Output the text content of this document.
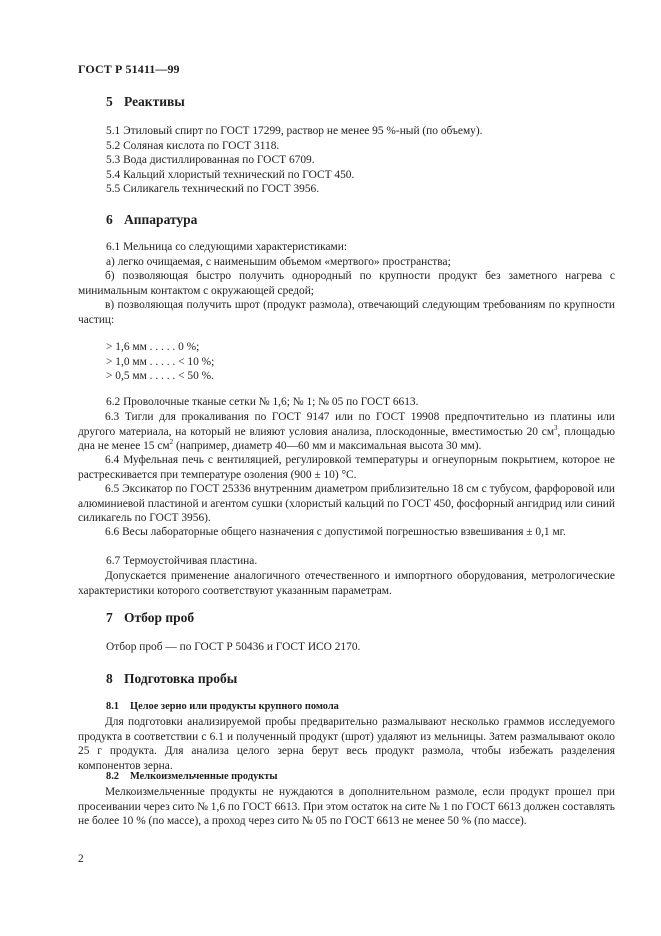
ГОСТ Р 51411—99
5 Реактивы
5.1 Этиловый спирт по ГОСТ 17299, раствор не менее 95 %-ный (по объему).
5.2 Соляная кислота по ГОСТ 3118.
5.3 Вода дистиллированная по ГОСТ 6709.
5.4 Кальций хлористый технический по ГОСТ 450.
5.5 Силикагель технический по ГОСТ 3956.
6 Аппаратура
6.1 Мельница со следующими характеристиками:
а) легко очищаемая, с наименьшим объемом «мертвого» пространства;
б) позволяющая быстро получить однородный по крупности продукт без заметного нагрева с минимальным контактом с окружающей средой;
в) позволяющая получить шрот (продукт размола), отвечающий следующим требованиям по крупности частиц:
> 1,6 мм . . . . . 0 %;
> 1,0 мм . . . . . < 10 %;
> 0,5 мм . . . . . < 50 %.
6.2 Проволочные тканые сетки № 1,6; № 1; № 05 по ГОСТ 6613.
6.3 Тигли для прокаливания по ГОСТ 9147 или по ГОСТ 19908 предпочтительно из платины или другого материала, на который не влияют условия анализа, плоскодонные, вместимостью 20 $см^3$, площадью дна не менее 15 $см^2$ (например, диаметр 40—60 мм и максимальная высота 30 мм).
6.4 Муфельная печь с вентиляцией, регулировкой температуры и огнеупорным покрытием, которое не растрескивается при температуре озоления (900 ± 10) °С.
6.5 Эксикатор по ГОСТ 25336 внутренним диаметром приблизительно 18 см с тубусом, фарфоровой или алюминиевой пластиной и агентом сушки (хлористый кальций по ГОСТ 450, фосфорный ангидрид или синий силикагель по ГОСТ 3956).
6.6 Весы лабораторные общего назначения с допустимой погрешностью взвешивания ± 0,1 мг.
6.7 Термоустойчивая пластина.
Допускается применение аналогичного отечественного и импортного оборудования, метрологические характеристики которого соответствуют указанным параметрам.
7 Отбор проб
Отбор проб — по ГОСТ Р 50436 и ГОСТ ИСО 2170.
8 Подготовка пробы
8.1 Целое зерно или продукты крупного помола
Для подготовки анализируемой пробы предварительно размалывают несколько граммов исследуемого продукта в соответствии с 6.1 и полученный продукт (шрот) удаляют из мельницы. Затем размалывают около 25 г продукта. Для анализа целого зерна берут весь продукт размола, чтобы избежать разделения компонентов зерна.
8.2 Мелкоизмельченные продукты
Мелкоизмельченные продукты не нуждаются в дополнительном размоле, если продукт прошел при просеивании через сито № 1,6 по ГОСТ 6613. При этом остаток на сите № 1 по ГОСТ 6613 должен составлять не более 10 % (по массе), а проход через сито № 05 по ГОСТ 6613 не менее 50 % (по массе).
2
